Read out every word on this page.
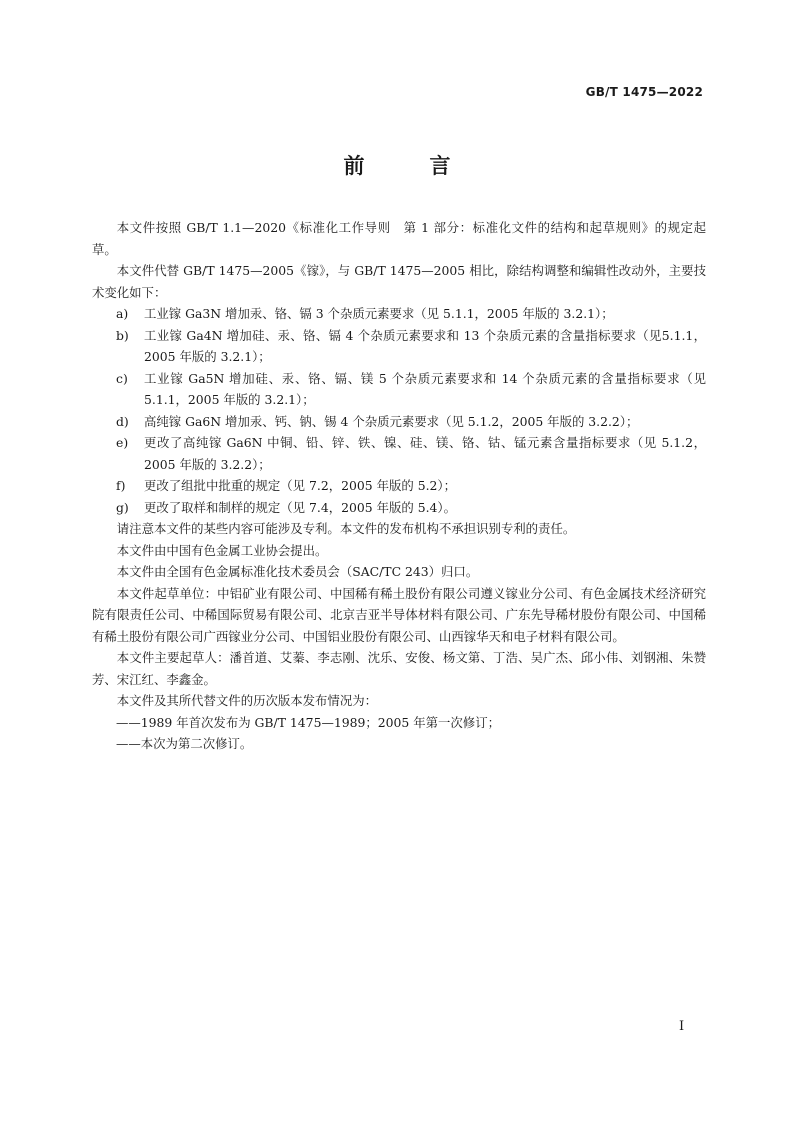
GB/T 1475—2022
前　言

本文件按照 GB/T 1.1—2020《标准化工作导则　第 1 部分：标准化文件的结构和起草规则》的规定起草。

本文件代替 GB/T 1475—2005《镓》，与 GB/T 1475—2005 相比，除结构调整和编辑性改动外，主要技术变化如下：

a) 工业镓 Ga3N 增加汞、铬、镉 3 个杂质元素要求（见 5.1.1，2005 年版的 3.2.1）；
b) 工业镓 Ga4N 增加硅、汞、铬、镉 4 个杂质元素要求和 13 个杂质元素的含量指标要求（见5.1.1，2005 年版的 3.2.1）；
c) 工业镓 Ga5N 增加硅、汞、铬、镉、镁 5 个杂质元素要求和 14 个杂质元素的含量指标要求（见 5.1.1，2005 年版的 3.2.1）；
d) 高纯镓 Ga6N 增加汞、钙、钠、锡 4 个杂质元素要求（见 5.1.2，2005 年版的 3.2.2）；
e) 更改了高纯镓 Ga6N 中铜、铅、锌、铁、镍、硅、镁、铬、钴、锰元素含量指标要求（见 5.1.2，2005 年版的 3.2.2）；
f) 更改了组批中批重的规定（见 7.2，2005 年版的 5.2）；
g) 更改了取样和制样的规定（见 7.4，2005 年版的 5.4）。

请注意本文件的某些内容可能涉及专利。本文件的发布机构不承担识别专利的责任。

本文件由中国有色金属工业协会提出。

本文件由全国有色金属标准化技术委员会（SAC/TC 243）归口。

本文件起草单位：中铝矿业有限公司、中国稀有稀土股份有限公司遵义镓业分公司、有色金属技术经济研究院有限责任公司、中稀国际贸易有限公司、北京吉亚半导体材料有限公司、广东先导稀材股份有限公司、中国稀有稀土股份有限公司广西镓业分公司、中国铝业股份有限公司、山西镓华天和电子材料有限公司。

本文件主要起草人：潘首道、艾蓁、李志刚、沈乐、安俊、杨文第、丁浩、吴广杰、邱小伟、刘钢湘、朱赞芳、宋江红、李鑫金。

本文件及其所代替文件的历次版本发布情况为：

——1989 年首次发布为 GB/T 1475—1989；2005 年第一次修订；
——本次为第二次修订。
I
